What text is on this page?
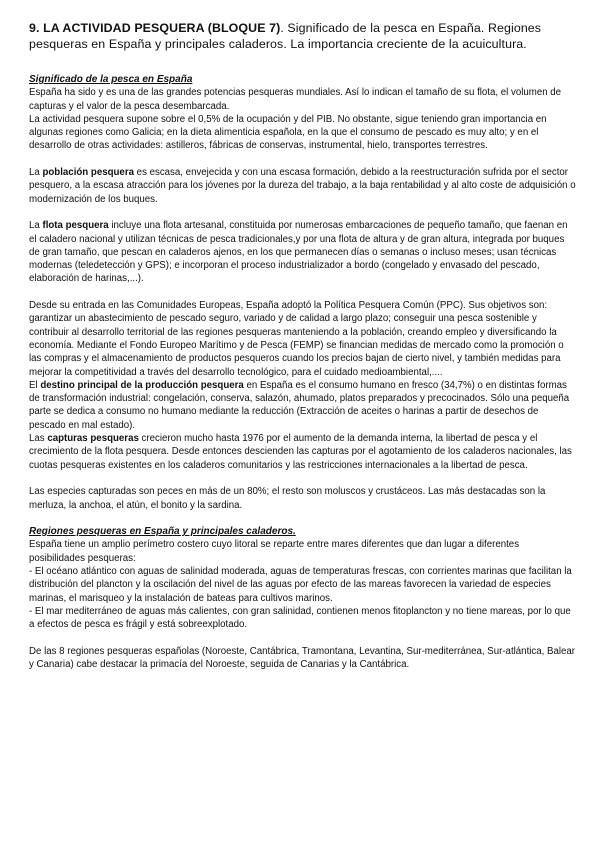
9. LA ACTIVIDAD PESQUERA (BLOQUE 7). Significado de la pesca en España. Regiones pesqueras en España y principales caladeros. La importancia creciente de la acuicultura.
Significado de la pesca en España

España ha sido y es una de las grandes potencias pesqueras mundiales. Así lo indican el tamaño de su flota, el volumen de capturas y el valor de la pesca desembarcada.

La actividad pesquera supone sobre el 0,5% de la ocupación y del PIB. No obstante, sigue teniendo gran importancia en algunas regiones como Galicia; en la dieta alimenticia española, en la que el consumo de pescado es muy alto; y en el desarrollo de otras actividades: astilleros, fábricas de conservas, instrumental, hielo, transportes terrestres.

La población pesquera es escasa, envejecida y con una escasa formación, debido a la reestructuración sufrida por el sector pesquero, a la escasa atracción para los jóvenes por la dureza del trabajo, a la baja rentabilidad y al alto coste de adquisición o modernización de los buques.

La flota pesquera incluye una flota artesanal, constituida por numerosas embarcaciones de pequeño tamaño, que faenan en el caladero nacional y utilizan técnicas de pesca tradicionales,y por una flota de altura y de gran altura, integrada por buques de gran tamaño, que pescan en caladeros ajenos, en los que permanecen días o semanas o incluso meses; usan técnicas modernas (teledetección y GPS); e incorporan el proceso industrializador a bordo (congelado y envasado del pescado, elaboración de harinas,...).

Desde su entrada en las Comunidades Europeas, España adoptó la Política Pesquera Común (PPC). Sus objetivos son: garantizar un abastecimiento de pescado seguro, variado y de calidad a largo plazo; conseguir una pesca sostenible y contribuir al desarrollo territorial de las regiones pesqueras manteniendo a la población, creando empleo y diversificando la economía. Mediante el Fondo Europeo Marítimo y de Pesca (FEMP) se financian medidas de mercado como la promoción o las compras y el almacenamiento de productos pesqueros cuando los precios bajan de cierto nivel, y también medidas para mejorar la competitividad a través del desarrollo tecnológico, para el cuidado medioambiental,....

El destino principal de la producción pesquera en España es el consumo humano en fresco (34,7%) o en distintas formas de transformación industrial: congelación, conserva, salazón, ahumado, platos preparados y precocinados. Sólo una pequeña parte se dedica a consumo no humano mediante la reducción (Extracción de aceites o harinas a partir de desechos de pescado en mal estado).

Las capturas pesqueras crecieron mucho hasta 1976 por el aumento de la demanda interna, la libertad de pesca y el crecimiento de la flota pesquera. Desde entonces descienden las capturas por el agotamiento de los caladeros nacionales, las cuotas pesqueras existentes en los caladeros comunitarios y las restricciones internacionales a la libertad de pesca.

Las especies capturadas son peces en más de un 80%; el resto son moluscos y crustáceos. Las más destacadas son la merluza, la anchoa, el atún, el bonito y la sardina.

Regiones pesqueras en España y principales caladeros.

España tiene un amplio perímetro costero cuyo litoral se reparte entre mares diferentes que dan lugar a diferentes posibilidades pesqueras:

- El océano atlántico con aguas de salinidad moderada, aguas de temperaturas frescas, con corrientes marinas que facilitan la distribución del plancton y la oscilación del nivel de las aguas por efecto de las mareas favorecen la variedad de especies marinas, el marisqueo y la instalación de bateas para cultivos marinos.

- El mar mediterráneo de aguas más calientes, con gran salinidad, contienen menos fitoplancton y no tiene mareas, por lo que a efectos de pesca es frágil y está sobreexplotado.

De las 8 regiones pesqueras españolas (Noroeste, Cantábrica, Tramontana, Levantina, Sur-mediterránea, Sur-atlántica, Balear y Canaria) cabe destacar la primacía del Noroeste, seguida de Canarias y la Cantábrica.
